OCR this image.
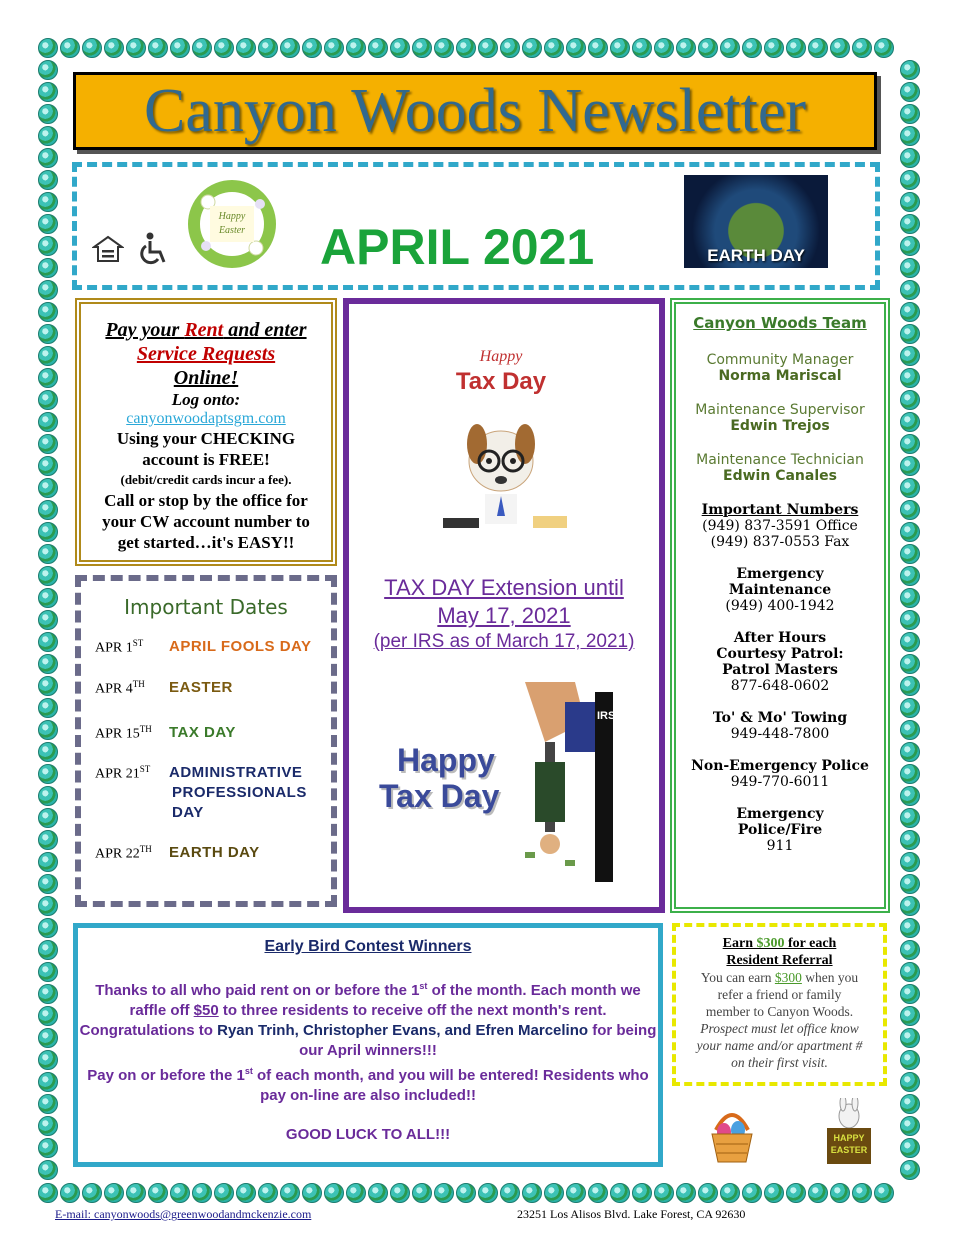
Canyon Woods Newsletter
Happy
Easter	APRIL 2021	EARTH DAY
Pay your Rent and enter
Service Requests
Online!
Log onto:
canyonwoodaptsgm.com
Using your CHECKING
account is FREE!
(debit/credit cards incur a fee).
Call or stop by the office for
your CW account number to
get started…it's EASY!!
Important Dates
APR 1ST APRIL FOOLS DAY
APR 4TH EASTER
APR 15TH TAX DAY
APR 21ST ADMINISTRATIVE
PROFESSIONALS
DAY
APR 22TH EARTH DAY
Happy
Tax Day
TAX DAY Extension until
May 17, 2021
(per IRS as of March 17, 2021)
Happy
Tax Day
IRS
Canyon Woods Team
Community Manager
Norma Mariscal
Maintenance Supervisor
Edwin Trejos
Maintenance Technician
Edwin Canales
Important Numbers
(949) 837-3591 Office
(949) 837-0553 Fax
Emergency
Maintenance
(949) 400-1942
After Hours
Courtesy Patrol:
Patrol Masters
877-648-0602
To' & Mo' Towing
949-448-7800
Non-Emergency Police
949-770-6011
Emergency
Police/Fire
911
Early Bird Contest Winners
Thanks to all who paid rent on or before the 1st of the month. Each month we
raffle off $50 to three residents to receive off the next month's rent.
Congratulations to Ryan Trinh, Christopher Evans, and Efren Marcelino for being
our April winners!!!
Pay on or before the 1st of each month, and you will be entered! Residents who
pay on-line are also included!!
GOOD LUCK TO ALL!!!
Earn $300 for each
Resident Referral
You can earn $300 when you
refer a friend or family
member to Canyon Woods.
Prospect must let office know
your name and/or apartment #
on their first visit.
HAPPY
EASTER
E-mail: canyonwoods@greenwoodandmckenzie.com	23251 Los Alisos Blvd. Lake Forest, CA 92630
